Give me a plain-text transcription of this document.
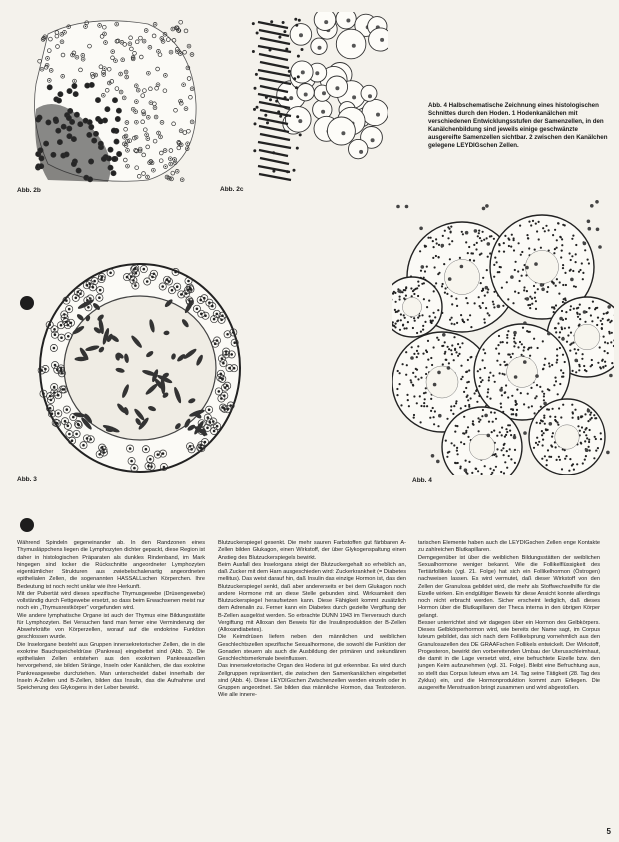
Abb. 2b	Abb. 2c
Abb. 4 Halbschematische Zeichnung eines histologischen Schnittes durch den Hoden. 1 Hodenkanälchen mit verschiedenen Entwicklungsstufen der Samenzellen, in den Kanälchenbildung sind jeweils einige geschwänzte ausgereifte Samenzellen sichtbar. 2 zwischen den Kanälchen gelegene LEYDIGschen Zellen.
Abb. 3	Abb. 4

Während Spindeln gegeneinander ab. In den Randzonen eines Thymusläppchens liegen die Lymphozyten dichter gepackt, diese Region ist daher in histologischen Präparaten als dunkles Rindenband, im Mark hingegen sind locker die Rückschnitte angeordneter Lymphozyten eigentümlicher Strukturen aus zwiebelschalenartig angeordneten epithelialen Zellen, die sogenannten HASSALLschen Körperchen. Ihre Bedeutung ist noch recht unklar wie ihre Herkunft.

Mit der Pubertät wird dieses spezifische Thymusgewebe (Drüsengewebe) vollständig durch Fettgewebe ersetzt, so dass beim Erwachsenen meist nur noch ein „Thymusrestkörper“ vorgefunden wird.

Wie andere lymphatische Organe ist auch der Thymus eine Bildungsstätte für Lymphozyten. Bei Versuchen fand man ferner eine Verminderung der Abwehrkräfte von Körperzellen, worauf auf die endokrine Funktion geschlossen wurde.

Die Inselorgane besteht aus Gruppen innersekretorischer Zellen, die in die exokrine Bauchspeicheldrüse (Pankreas) eingebettet sind (Abb. 3). Die epithelialen Zellen entstehen aus den exokrinen Pankreaszellen hervorgehend, sie bilden Stränge, Inseln oder Kanälchen, die das exokrine Pankreasgewebe durchziehen. Man unterscheidet dabei innerhalb der Inseln A-Zellen und B-Zellen, bilden das Insulin, das die Aufnahme und Speicherung des Glykogens in der Leber bewirkt.

Blutzuckerspiegel gesenkt. Die mehr sauren Farbstoffen gut färbbaren A-Zellen bilden Glukagon, einen Wirkstoff, der über Glykogenspaltung einen Anstieg des Blutzuckerspiegels bewirkt.

Beim Ausfall des Inselorgans steigt der Blutzuckergehalt so erheblich an, daß Zucker mit dem Harn ausgeschieden wird: Zuckerkrankheit (= Diabetes mellitus). Das weist darauf hin, daß Insulin das einzige Hormon ist, das den Blutzuckerspiegel senkt, daß aber andererseits er bei dem Glukagon noch andere Hormone mit an diese Stelle gebunden sind. Wirksamkeit den Blutzuckerspiegel heraufsetzen kann. Diese Fähigkeit kommt zusätzlich dem Adrenalin zu. Ferner kann ein Diabetes durch gezielte Vergiftung der B-Zellen ausgelöst werden. So erbrachte DUNN 1943 im Tierversuch durch Vergiftung mit Alloxan den Beweis für die Insulinproduktion der B-Zellen (Alloxandiabetes).

Die Keimdrüsen liefern neben den männlichen und weiblichen Geschlechtszellen spezifische Sexualhormone, die sowohl die Funktion der Gonaden steuern als auch die Ausbildung der primären und sekundären Geschlechtsmerkmale beeinflussen.

Das innersekretorische Organ des Hodens ist gut erkennbar. Es wird durch Zellgruppen repräsentiert, die zwischen den Samenkanälchen eingebettet sind (Abb. 4). Diese LEYDIGschen Zwischenzellen werden einzeln oder in Gruppen angeordnet. Sie bilden das männliche Hormon, das Testosteron. Wie alle innere-

tarischen Elemente haben auch die LEYDIGschen Zellen enge Kontakte zu zahlreichen Blutkapillaren.

Demgegenüber ist über die weiblichen Bildungsstätten der weiblichen Sexualhormone weniger bekannt. Wie die Follikelflüssigkeit des Tertiärfollikels (vgl. 21. Folge) hat sich ein Follikelhormon (Östrogen) nachweisen lassen. Es wird vermutet, daß dieser Wirkstoff von den Zellen der Granulosa gebildet wird, die mehr als Stoffwechselhilfe für die Eizelle wirken. Ein endgültiger Beweis für diese Ansicht konnte allerdings noch nicht erbracht werden. Sicher erscheint lediglich, daß dieses Hormon über die Blutkapillaren der Theca interna in den übrigen Körper gelangt.

Besser unterrichtet sind wir dagegen über ein Hormon des Gelbkörpers. Dieses Gelbkörperhormon wird, wie bereits der Name sagt, im Corpus luteum gebildet, das sich nach dem Follikelsprung vornehmlich aus den Granulosazellen des DE GRAAFschen Follikels entwickelt. Der Wirkstoff, Progesteron, bewirkt den vorbereitenden Umbau der Uterusschleimhaut, die damit in die Lage versetzt wird, eine befruchtete Eizelle bzw. den jungen Keim aufzunehmen (vgl. 31. Folge). Bleibt eine Befruchtung aus, so stellt das Corpus luteum etwa am 14. Tag seine Tätigkeit (28. Tag des Zyklus) ein, und die Hormonproduktion kommt zum Erliegen. Die ausgereifte Menstruation bringt zusammen und wird abgestoßen.

5
